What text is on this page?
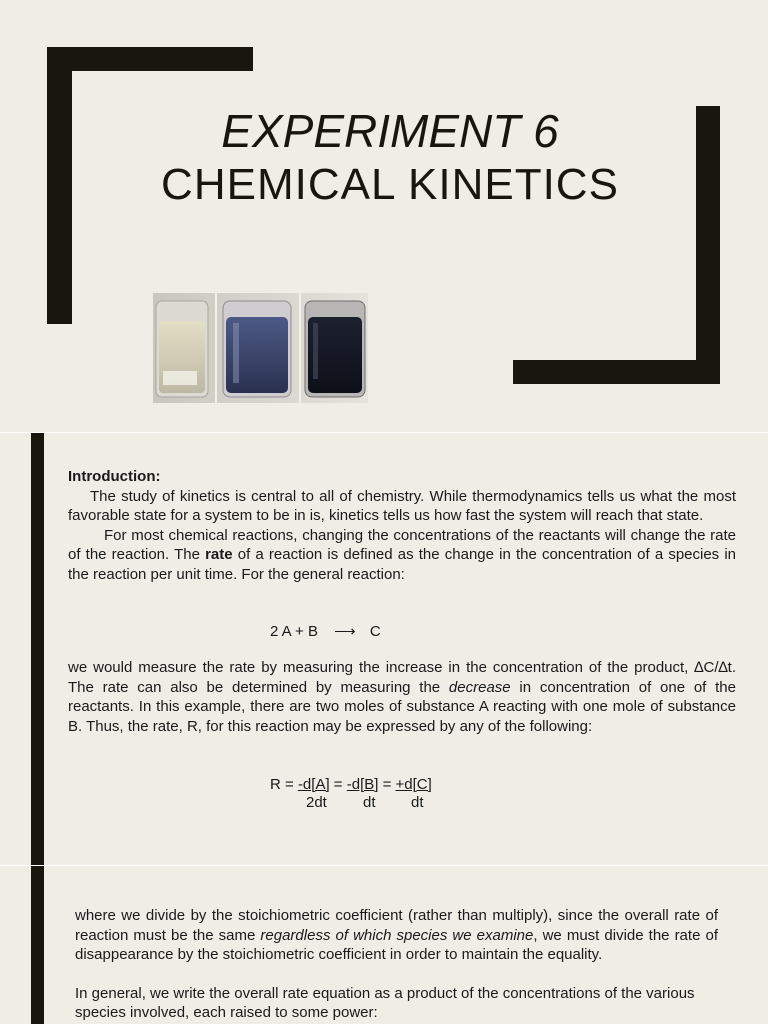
EXPERIMENT 6
CHEMICAL KINETICS
Introduction:

The study of kinetics is central to all of chemistry. While thermodynamics tells us what the most favorable state for a system to be in is, kinetics tells us how fast the system will reach that state.

For most chemical reactions, changing the concentrations of the reactants will change the rate of the reaction. The rate of a reaction is defined as the change in the concentration of a species in the reaction per unit time. For the general reaction:

2 A + B ⟶ C

we would measure the rate by measuring the increase in the concentration of the product, ∆C/∆t. The rate can also be determined by measuring the decrease in concentration of one of the reactants. In this example, there are two moles of substance A reacting with one mole of substance B. Thus, the rate, R, for this reaction may be expressed by any of the following:

R = -d[A] = -d[B] = +d[C]
2dt dt dt

where we divide by the stoichiometric coefficient (rather than multiply), since the overall rate of reaction must be the same regardless of which species we examine, we must divide the rate of disappearance by the stoichiometric coefficient in order to maintain the equality.

In general, we write the overall rate equation as a product of the concentrations of the various species involved, each raised to some power:
